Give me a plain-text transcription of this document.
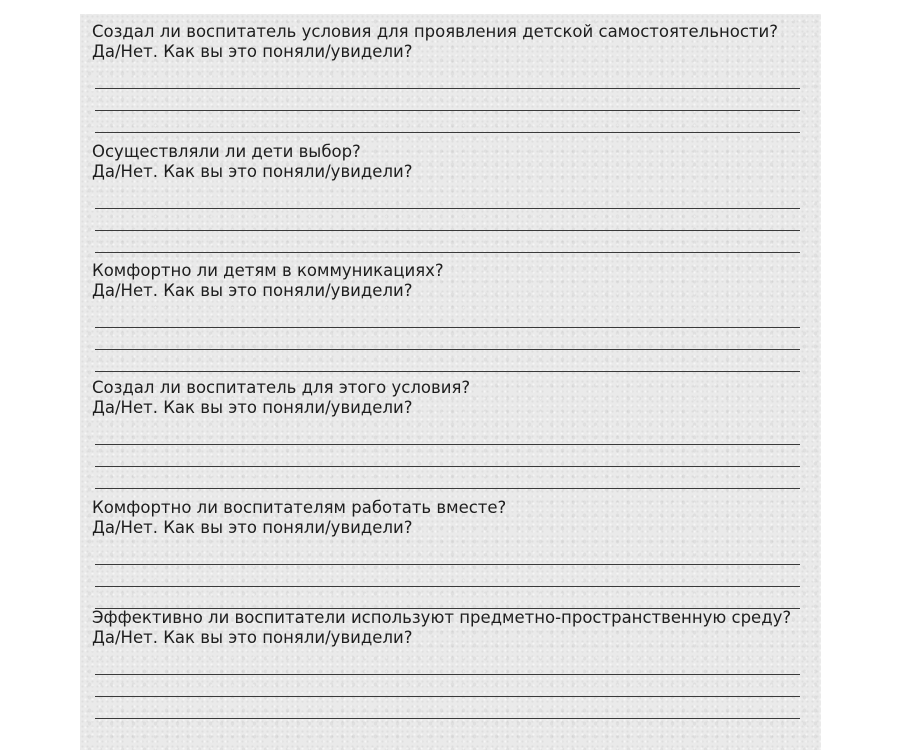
Создал ли воспитатель условия для проявления детской самостоятельности?
Да/Нет. Как вы это поняли/увидели?
Осуществляли ли дети выбор?
Да/Нет. Как вы это поняли/увидели?
Комфортно ли детям в коммуникациях?
Да/Нет. Как вы это поняли/увидели?
Создал ли воспитатель для этого условия?
Да/Нет. Как вы это поняли/увидели?
Комфортно ли воспитателям работать вместе?
Да/Нет. Как вы это поняли/увидели?
Эффективно ли воспитатели используют предметно-пространственную среду?
Да/Нет. Как вы это поняли/увидели?
